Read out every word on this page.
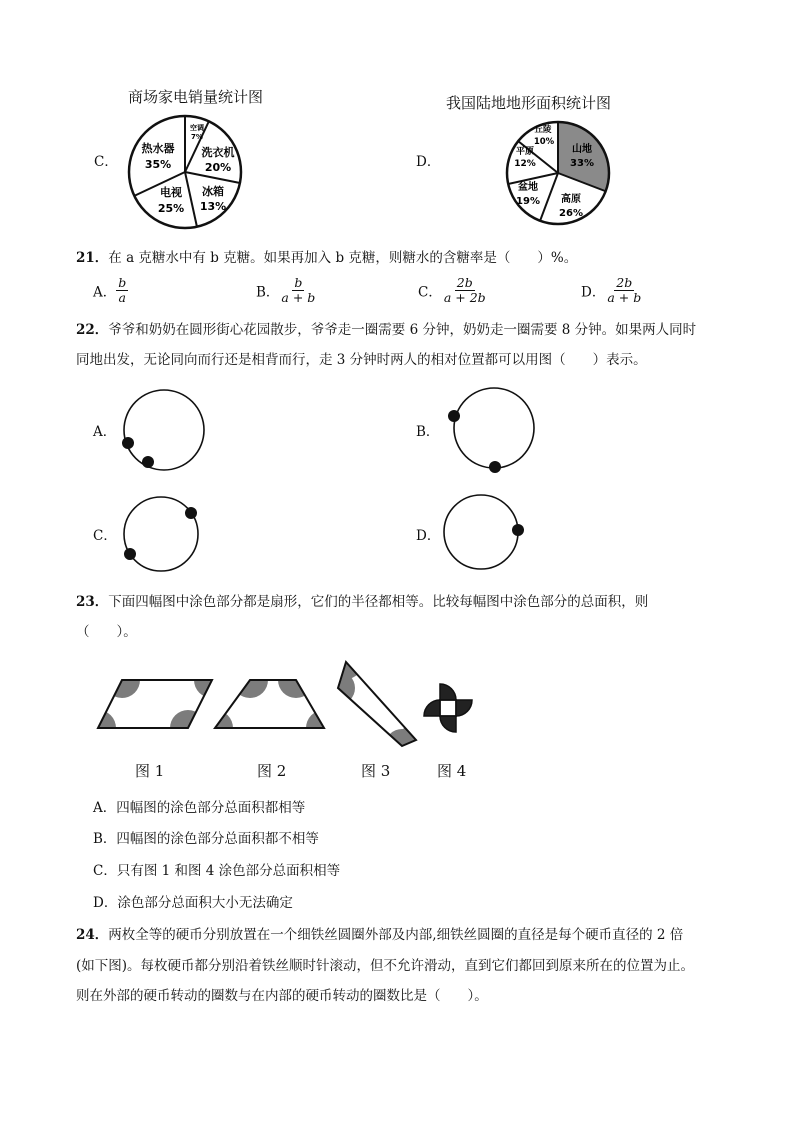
商场家电销量统计图
C．
空调
7%
洗衣机
20%
冰箱
13%
电视
25%
热水器
35%
我国陆地地形面积统计图
D．
山地
33%
高原
26%
盆地
19%
平原
12%
丘陵
10%
21．在 a 克糖水中有 b 克糖。如果再加入 b 克糖，则糖水的含糖率是（　　）%。
A． $\frac{b}{a}$	B． $\frac{b}{a + b}$	C． $\frac{2b}{a + 2b}$	D． $\frac{2b}{a + b}$
22．爷爷和奶奶在圆形街心花园散步，爷爷走一圈需要 6 分钟，奶奶走一圈需要 8 分钟。如果两人同时
同地出发，无论同向而行还是相背而行，走 3 分钟时两人的相对位置都可以用图（　　）表示。
A．	B．
C．	D．
23．下面四幅图中涂色部分都是扇形，它们的半径都相等。比较每幅图中涂色部分的总面积，则
（　　）。
图 1	图 2	图 3	图 4
A．四幅图的涂色部分总面积都相等
B．四幅图的涂色部分总面积都不相等
C．只有图 1 和图 4 涂色部分总面积相等
D．涂色部分总面积大小无法确定
24．两枚全等的硬币分别放置在一个细铁丝圆圈外部及内部,细铁丝圆圈的直径是每个硬币直径的 2 倍
(如下图)。每枚硬币都分别沿着铁丝顺时针滚动，但不允许滑动，直到它们都回到原来所在的位置为止。
则在外部的硬币转动的圈数与在内部的硬币转动的圈数比是（　　）。
